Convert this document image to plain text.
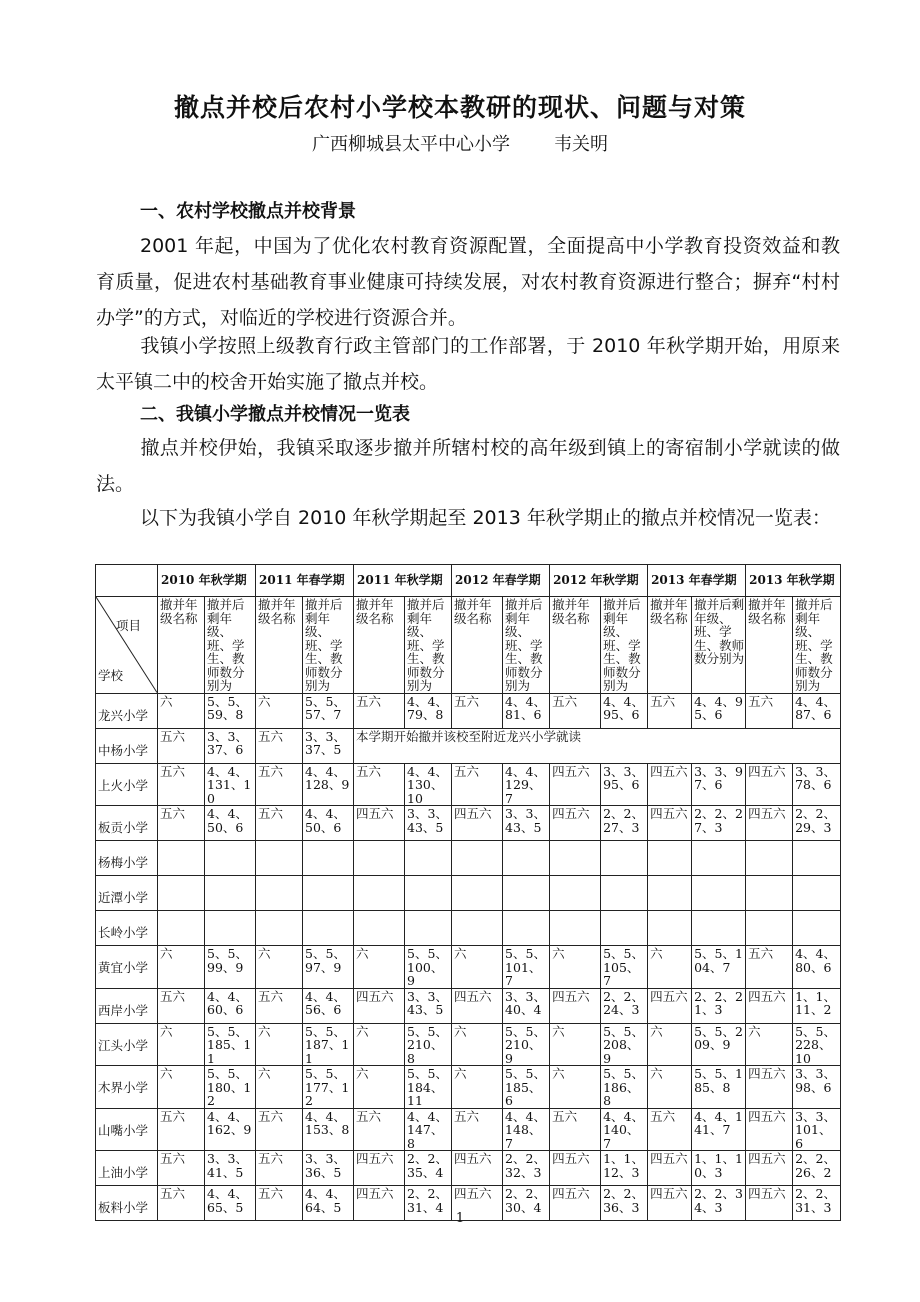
撤点并校后农村小学校本教研的现状、问题与对策
广西柳城县太平中心小学 韦关明
一、农村学校撤点并校背景

2001 年起，中国为了优化农村教育资源配置，全面提高中小学教育投资效益和教育质量，促进农村基础教育事业健康可持续发展，对农村教育资源进行整合；摒弃“村村办学”的方式，对临近的学校进行资源合并。

我镇小学按照上级教育行政主管部门的工作部署，于 2010 年秋学期开始，用原来太平镇二中的校舍开始实施了撤点并校。

二、我镇小学撤点并校情况一览表

撤点并校伊始，我镇采取逐步撤并所辖村校的高年级到镇上的寄宿制小学就读的做法。

以下为我镇小学自 2010 年秋学期起至 2013 年秋学期止的撤点并校情况一览表：

	2010 年秋学期		2011 年春学期		2011 年秋学期		2012 年春学期		2012 年秋学期		2013 年春学期		2013 年秋学期	

项目
学校	撤并年级名称	撤并后剩年级、班、学生、教师数分别为	撤并年级名称	撤并后剩年级、班、学生、教师数分别为	撤并年级名称	撤并后剩年级、班、学生、教师数分别为	撤并年级名称	撤并后剩年级、班、学生、教师数分别为	撤并年级名称	撤并后剩年级、班、学生、教师数分别为	撤并年级名称	撤并后剩年级、班、学生、教师数分别为	撤并年级名称	撤并后剩年级、班、学生、教师数分别为
龙兴小学	六	5、5、59、8	六	5、5、57、7	五六	4、4、79、8	五六	4、4、81、6	五六	4、4、95、6	五六	4、4、95、6	五六	4、4、87、6
中杨小学	五六	3、3、37、6	五六	3、3、37、5	本学期开始撤并该校至附近龙兴小学就读									
上火小学	五六	4、4、131、10	五六	4、4、128、9	五六	4、4、130、10	五六	4、4、129、7	四五六	3、3、95、6	四五六	3、3、97、6	四五六	3、3、78、6
板贡小学	五六	4、4、50、6	五六	4、4、50、6	四五六	3、3、43、5	四五六	3、3、43、5	四五六	2、2、27、3	四五六	2、2、27、3	四五六	2、2、29、3
杨梅小学														
近潭小学														
长岭小学														
黄宜小学	六	5、5、99、9	六	5、5、97、9	六	5、5、100、9	六	5、5、101、7	六	5、5、105、7	六	5、5、104、7	五六	4、4、80、6
西岸小学	五六	4、4、60、6	五六	4、4、56、6	四五六	3、3、43、5	四五六	3、3、40、4	四五六	2、2、24、3	四五六	2、2、21、3	四五六	1、1、11、2
江头小学	六	5、5、185、11	六	5、5、187、11	六	5、5、210、8	六	5、5、210、9	六	5、5、208、9	六	5、5、209、9	六	5、5、228、10
木界小学	六	5、5、180、12	六	5、5、177、12	六	5、5、184、11	六	5、5、185、6	六	5、5、186、8	六	5、5、185、8	四五六	3、3、98、6
山嘴小学	五六	4、4、162、9	五六	4、4、153、8	五六	4、4、147、8	五六	4、4、148、7	五六	4、4、140、7	五六	4、4、141、7	四五六	3、3、101、6
上油小学	五六	3、3、41、5	五六	3、3、36、5	四五六	2、2、35、4	四五六	2、2、32、3	四五六	1、1、12、3	四五六	1、1、10、3	四五六	2、2、26、2
板料小学	五六	4、4、65、5	五六	4、4、64、5	四五六	2、2、31、4	四五六	2、2、30、4	四五六	2、2、36、3	四五六	2、2、34、3	四五六	2、2、31、3
1
